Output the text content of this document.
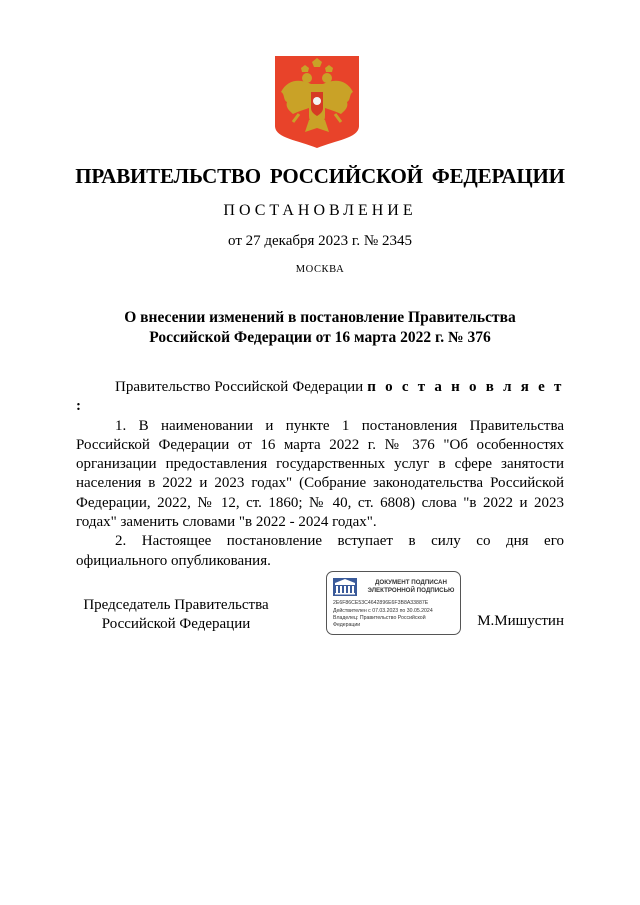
ПРАВИТЕЛЬСТВО РОССИЙСКОЙ ФЕДЕРАЦИИ
ПОСТАНОВЛЕНИЕ
от 27 декабря 2023 г. № 2345
МОСКВА
О внесении изменений в постановление Правительства
Российской Федерации от 16 марта 2022 г. № 376

Правительство Российской Федерации п о с т а н о в л я е т :

1. В наименовании и пункте 1 постановления Правительства Российской Федерации от 16 марта 2022 г. № 376 "Об особенностях организации предоставления государственных услуг в сфере занятости населения в 2022 и 2023 годах" (Собрание законодательства Российской Федерации, 2022, № 12, ст. 1860; № 40, ст. 6808) слова "в 2022 и 2023 годах" заменить словами "в 2022 - 2024 годах".

2. Настоящее постановление вступает в силу со дня его официального опубликования.

Председатель Правительства
Российской Федерации
ДОКУМЕНТ ПОДПИСАН
ЭЛЕКТРОННОЙ ПОДПИСЬЮ
2E6F86CE53C4642896E6F3B8A33887E
Действителен с 07.03.2023 по 30.05.2024
Владелец: Правительство Российской
Федерации	М.Мишустин
